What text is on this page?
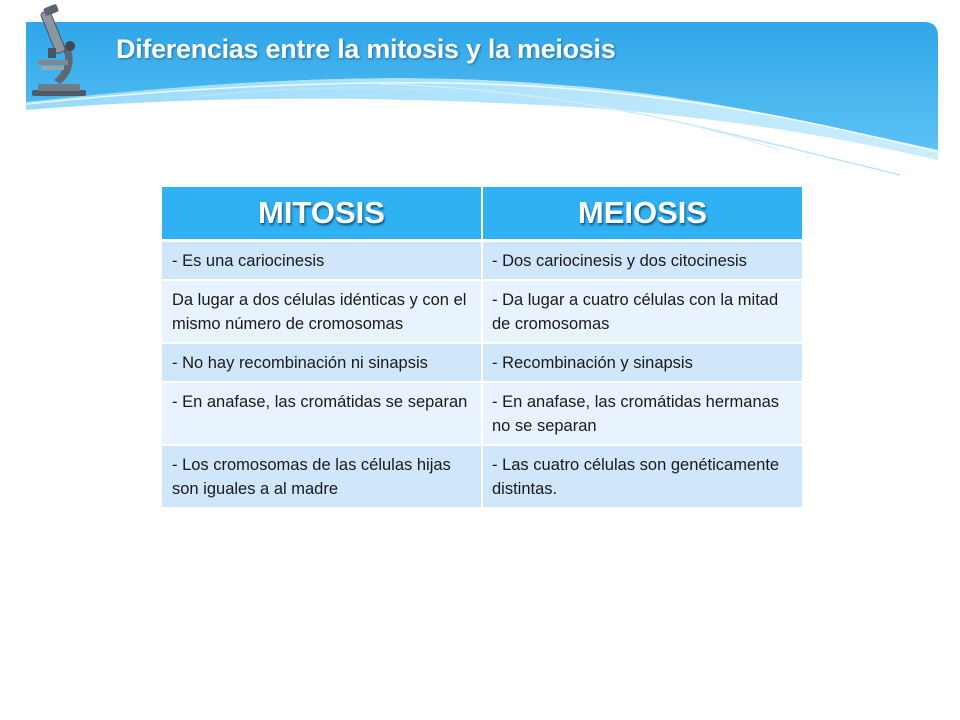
Diferencias entre la mitosis y la meiosis
MITOSIS	MEIOSIS
- Es una cariocinesis	- Dos cariocinesis y dos citocinesis
Da lugar a dos células idénticas y con el mismo número de cromosomas	- Da lugar a cuatro células con la mitad de cromosomas
- No hay recombinación ni sinapsis	- Recombinación y sinapsis
- En anafase, las cromátidas se separan	- En anafase, las cromátidas hermanas no se separan
- Los cromosomas de las células hijas son iguales a al madre	- Las cuatro células son genéticamente distintas.
